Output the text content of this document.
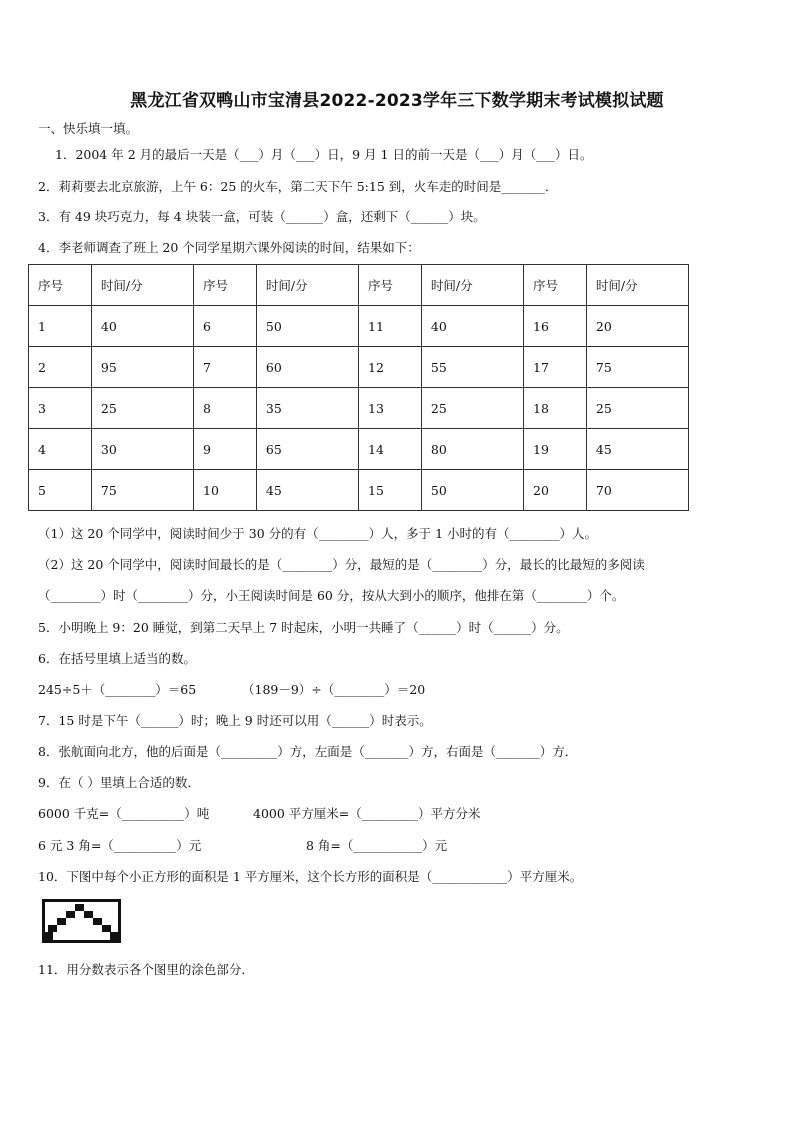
黑龙江省双鸭山市宝清县2022-2023学年三下数学期末考试模拟试题
一、快乐填一填。
1．2004 年 2 月的最后一天是（___）月（___）日，9 月 1 日的前一天是（___）月（___）日。
2．莉莉要去北京旅游，上午 6：25 的火车，第二天下午 5:15 到，火车走的时间是_______．
3．有 49 块巧克力，每 4 块装一盒，可装（______）盒，还剩下（______）块。
4．李老师调查了班上 20 个同学星期六课外阅读的时间，结果如下：
序号	时间/分	序号	时间/分	序号	时间/分	序号	时间/分
1	40	6	50	11	40	16	20
2	95	7	60	12	55	17	75
3	25	8	35	13	25	18	25
4	30	9	65	14	80	19	45
5	75	10	45	15	50	20	70
（1）这 20 个同学中，阅读时间少于 30 分的有（________）人，多于 1 小时的有（________）人。
（2）这 20 个同学中，阅读时间最长的是（________）分，最短的是（________）分，最长的比最短的多阅读
（________）时（________）分，小王阅读时间是 60 分，按从大到小的顺序，他排在第（________）个。
5．小明晚上 9：20 睡觉，到第二天早上 7 时起床，小明一共睡了（______）时（______）分。
6．在括号里填上适当的数。
245÷5＋（________）＝65	（189－9）÷（________）＝20
7．15 时是下午（______）时；晚上 9 时还可以用（______）时表示。
8．张航面向北方，他的后面是（_________）方，左面是（_______）方，右面是（_______）方．
9．在（ ）里填上合适的数．
6000 千克=（__________）吨	4000 平方厘米=（_________）平方分米
6 元 3 角=（__________）元	8 角=（___________）元
10．下图中每个小正方形的面积是 1 平方厘米，这个长方形的面积是（____________）平方厘米。
11．用分数表示各个图里的涂色部分．
